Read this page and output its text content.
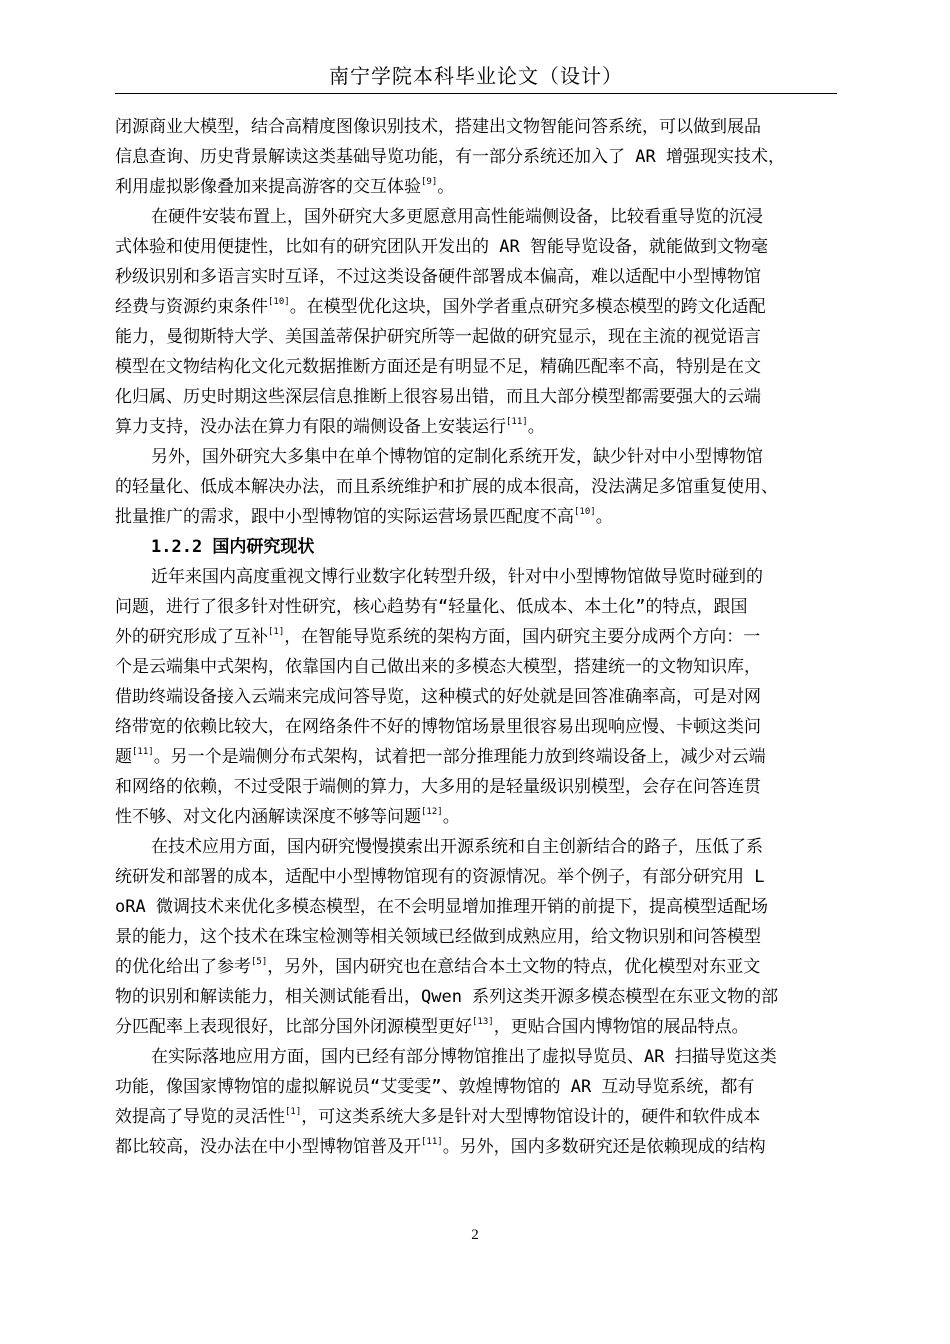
南宁学院本科毕业论文（设计）
闭源商业大模型，结合高精度图像识别技术，搭建出文物智能问答系统，可以做到展品
信息查询、历史背景解读这类基础导览功能，有一部分系统还加入了 AR 增强现实技术，
利用虚拟影像叠加来提高游客的交互体验[9]。
在硬件安装布置上，国外研究大多更愿意用高性能端侧设备，比较看重导览的沉浸
式体验和使用便捷性，比如有的研究团队开发出的 AR 智能导览设备，就能做到文物毫
秒级识别和多语言实时互译，不过这类设备硬件部署成本偏高，难以适配中小型博物馆
经费与资源约束条件[10]。在模型优化这块，国外学者重点研究多模态模型的跨文化适配
能力，曼彻斯特大学、美国盖蒂保护研究所等一起做的研究显示，现在主流的视觉语言
模型在文物结构化文化元数据推断方面还是有明显不足，精确匹配率不高，特别是在文
化归属、历史时期这些深层信息推断上很容易出错，而且大部分模型都需要强大的云端
算力支持，没办法在算力有限的端侧设备上安装运行[11]。
另外，国外研究大多集中在单个博物馆的定制化系统开发，缺少针对中小型博物馆
的轻量化、低成本解决办法，而且系统维护和扩展的成本很高，没法满足多馆重复使用、
批量推广的需求，跟中小型博物馆的实际运营场景匹配度不高[10]。
1.2.2 国内研究现状
近年来国内高度重视文博行业数字化转型升级，针对中小型博物馆做导览时碰到的
问题，进行了很多针对性研究，核心趋势有“轻量化、低成本、本土化”的特点，跟国
外的研究形成了互补[1]，在智能导览系统的架构方面，国内研究主要分成两个方向：一
个是云端集中式架构，依靠国内自己做出来的多模态大模型，搭建统一的文物知识库，
借助终端设备接入云端来完成问答导览，这种模式的好处就是回答准确率高，可是对网
络带宽的依赖比较大，在网络条件不好的博物馆场景里很容易出现响应慢、卡顿这类问
题[11]。另一个是端侧分布式架构，试着把一部分推理能力放到终端设备上，减少对云端
和网络的依赖，不过受限于端侧的算力，大多用的是轻量级识别模型，会存在问答连贯
性不够、对文化内涵解读深度不够等问题[12]。
在技术应用方面，国内研究慢慢摸索出开源系统和自主创新结合的路子，压低了系
统研发和部署的成本，适配中小型博物馆现有的资源情况。举个例子，有部分研究用 L
oRA 微调技术来优化多模态模型，在不会明显增加推理开销的前提下，提高模型适配场
景的能力，这个技术在珠宝检测等相关领域已经做到成熟应用，给文物识别和问答模型
的优化给出了参考[5]，另外，国内研究也在意结合本土文物的特点，优化模型对东亚文
物的识别和解读能力，相关测试能看出，Qwen 系列这类开源多模态模型在东亚文物的部
分匹配率上表现很好，比部分国外闭源模型更好[13]，更贴合国内博物馆的展品特点。
在实际落地应用方面，国内已经有部分博物馆推出了虚拟导览员、AR 扫描导览这类
功能，像国家博物馆的虚拟解说员“艾雯雯”、敦煌博物馆的 AR 互动导览系统，都有
效提高了导览的灵活性[1]，可这类系统大多是针对大型博物馆设计的，硬件和软件成本
都比较高，没办法在中小型博物馆普及开[11]。另外，国内多数研究还是依赖现成的结构
2
